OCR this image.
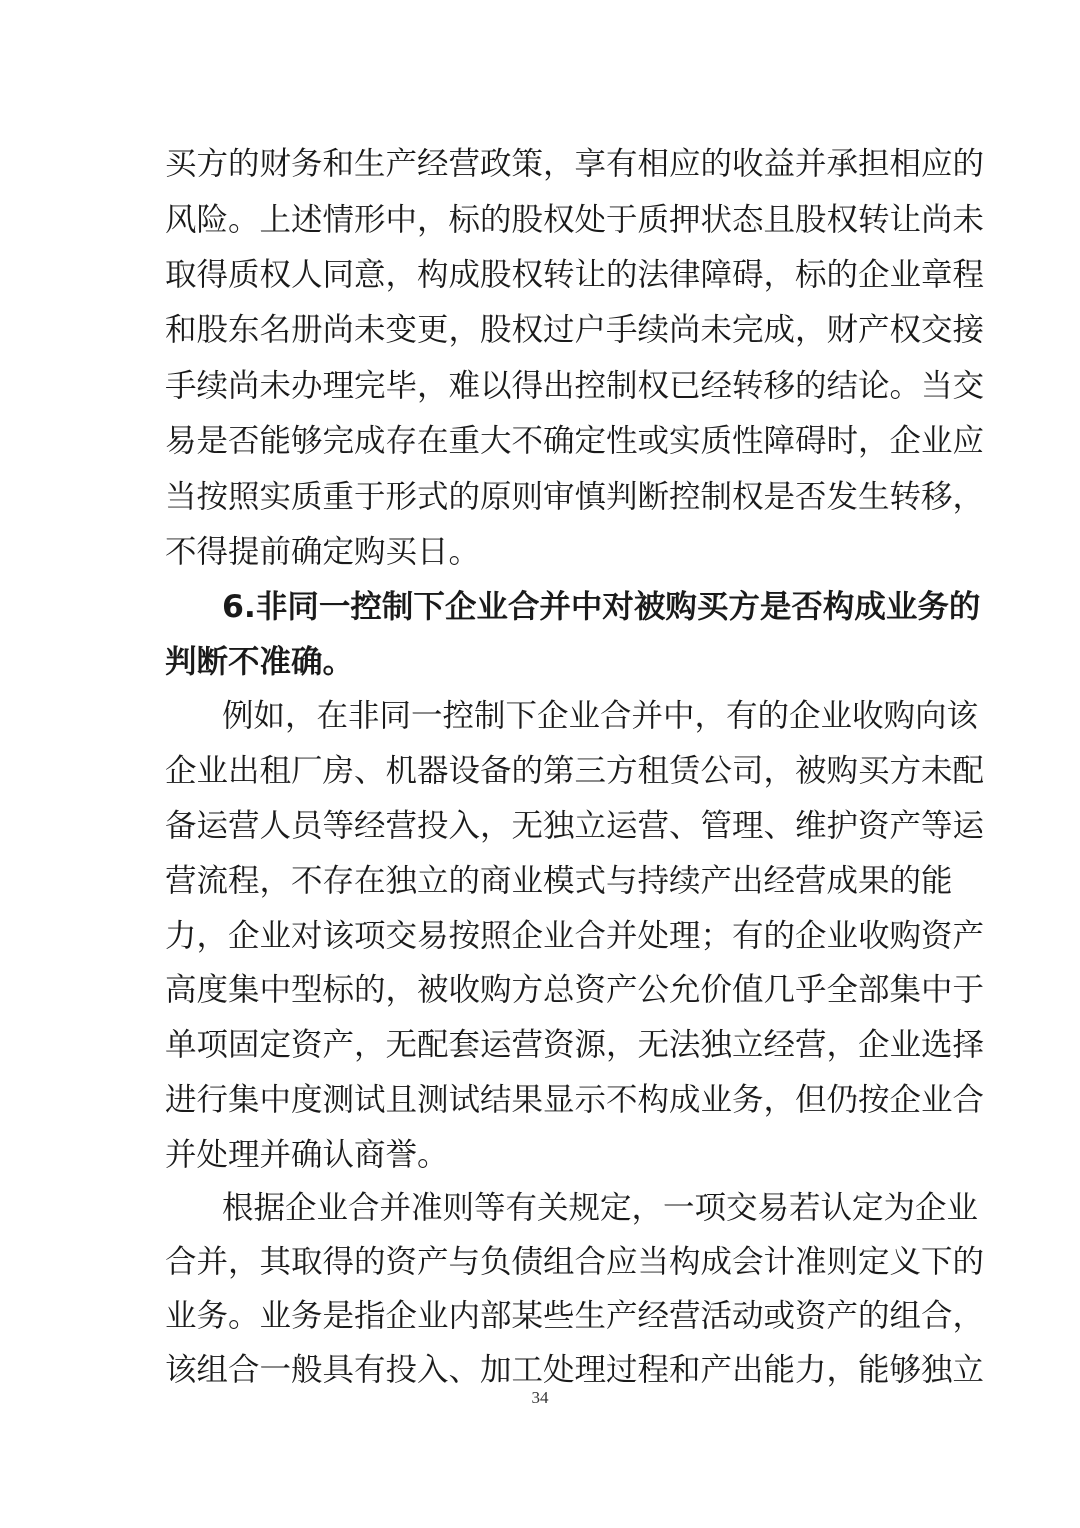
买方的财务和生产经营政策，享有相应的收益并承担相应的
风险。上述情形中，标的股权处于质押状态且股权转让尚未
取得质权人同意，构成股权转让的法律障碍，标的企业章程
和股东名册尚未变更，股权过户手续尚未完成，财产权交接
手续尚未办理完毕，难以得出控制权已经转移的结论。当交
易是否能够完成存在重大不确定性或实质性障碍时，企业应
当按照实质重于形式的原则审慎判断控制权是否发生转移，
不得提前确定购买日。
6.非同一控制下企业合并中对被购买方是否构成业务的
判断不准确。
例如，在非同一控制下企业合并中，有的企业收购向该
企业出租厂房、机器设备的第三方租赁公司，被购买方未配
备运营人员等经营投入，无独立运营、管理、维护资产等运
营流程，不存在独立的商业模式与持续产出经营成果的能
力，企业对该项交易按照企业合并处理；有的企业收购资产
高度集中型标的，被收购方总资产公允价值几乎全部集中于
单项固定资产，无配套运营资源，无法独立经营，企业选择
进行集中度测试且测试结果显示不构成业务，但仍按企业合
并处理并确认商誉。
根据企业合并准则等有关规定，一项交易若认定为企业
合并，其取得的资产与负债组合应当构成会计准则定义下的
业务。业务是指企业内部某些生产经营活动或资产的组合，
该组合一般具有投入、加工处理过程和产出能力，能够独立
34
